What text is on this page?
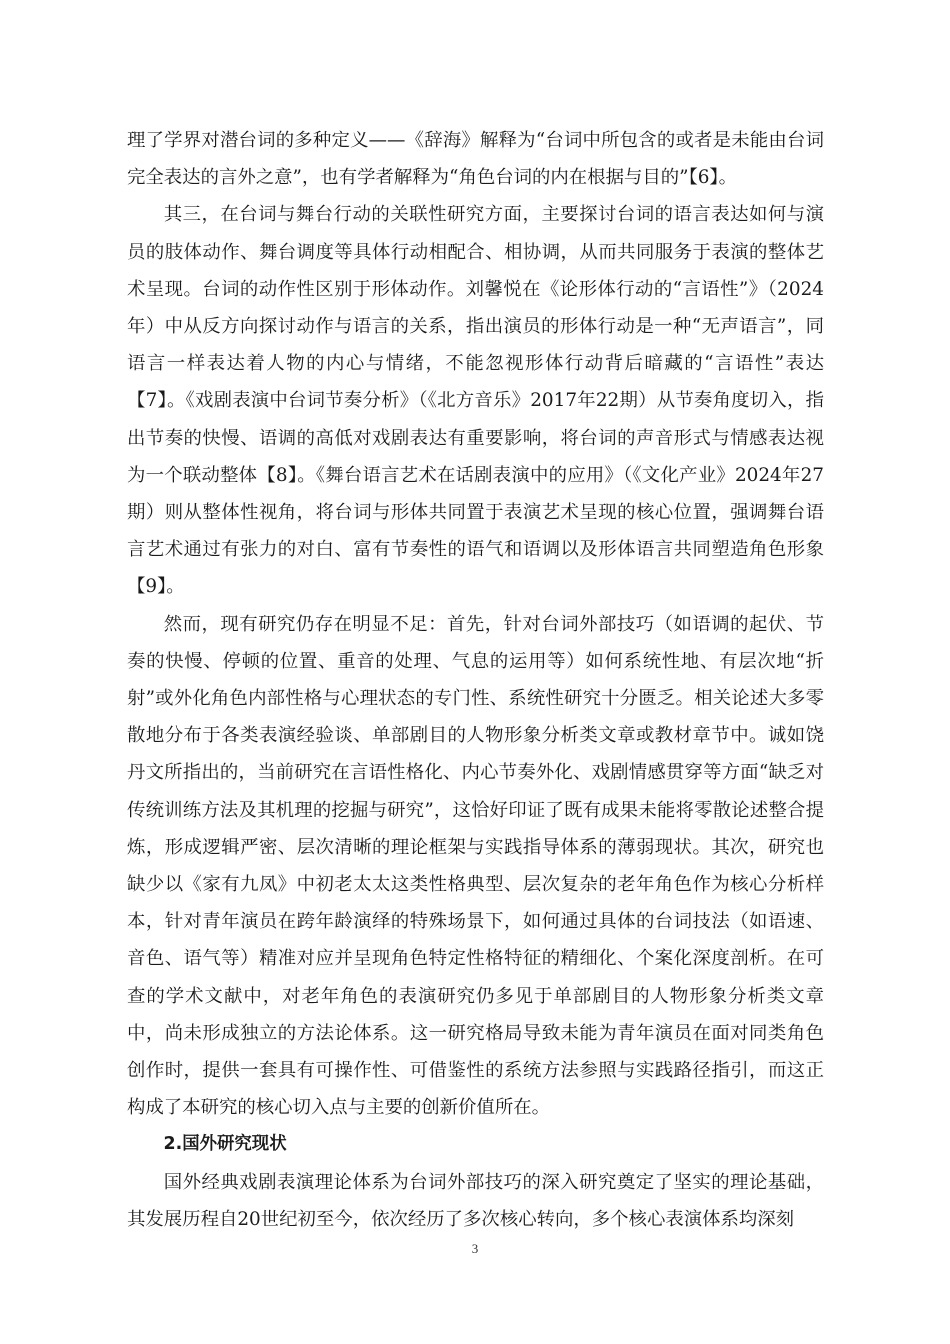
理了学界对潜台词的多种定义——《辞海》解释为“台词中所包含的或者是未能由台词完全表达的言外之意”，也有学者解释为“角色台词的内在根据与目的”【6】。

其三，在台词与舞台行动的关联性研究方面，主要探讨台词的语言表达如何与演员的肢体动作、舞台调度等具体行动相配合、相协调，从而共同服务于表演的整体艺术呈现。台词的动作性区别于形体动作。刘馨悦在《论形体行动的“言语性”》（2024年）中从反方向探讨动作与语言的关系，指出演员的形体行动是一种“无声语言”，同语言一样表达着人物的内心与情绪，不能忽视形体行动背后暗藏的“言语性”表达【7】。《戏剧表演中台词节奏分析》（《北方音乐》2017年22期）从节奏角度切入，指出节奏的快慢、语调的高低对戏剧表达有重要影响，将台词的声音形式与情感表达视为一个联动整体【8】。《舞台语言艺术在话剧表演中的应用》（《文化产业》2024年27期）则从整体性视角，将台词与形体共同置于表演艺术呈现的核心位置，强调舞台语言艺术通过有张力的对白、富有节奏性的语气和语调以及形体语言共同塑造角色形象【9】。

然而，现有研究仍存在明显不足：首先，针对台词外部技巧（如语调的起伏、节奏的快慢、停顿的位置、重音的处理、气息的运用等）如何系统性地、有层次地“折射”或外化角色内部性格与心理状态的专门性、系统性研究十分匮乏。相关论述大多零散地分布于各类表演经验谈、单部剧目的人物形象分析类文章或教材章节中。诚如饶丹文所指出的，当前研究在言语性格化、内心节奏外化、戏剧情感贯穿等方面“缺乏对传统训练方法及其机理的挖掘与研究”，这恰好印证了既有成果未能将零散论述整合提炼，形成逻辑严密、层次清晰的理论框架与实践指导体系的薄弱现状。其次，研究也缺少以《家有九凤》中初老太太这类性格典型、层次复杂的老年角色作为核心分析样本，针对青年演员在跨年龄演绎的特殊场景下，如何通过具体的台词技法（如语速、音色、语气等）精准对应并呈现角色特定性格特征的精细化、个案化深度剖析。在可查的学术文献中，对老年角色的表演研究仍多见于单部剧目的人物形象分析类文章中，尚未形成独立的方法论体系。这一研究格局导致未能为青年演员在面对同类角色创作时，提供一套具有可操作性、可借鉴性的系统方法参照与实践路径指引，而这正构成了本研究的核心切入点与主要的创新价值所在。

2.国外研究现状

国外经典戏剧表演理论体系为台词外部技巧的深入研究奠定了坚实的理论基础，其发展历程自20世纪初至今，依次经历了多次核心转向，多个核心表演体系均深刻

3
